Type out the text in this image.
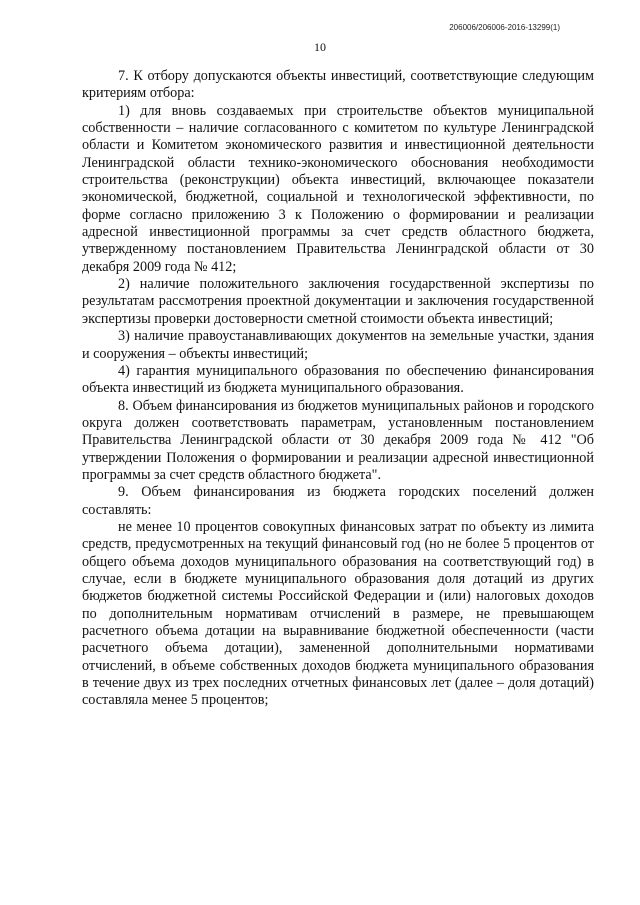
206006/206006-2016-13299(1)
10

7. К отбору допускаются объекты инвестиций, соответствующие следующим критериям отбора:

1) для вновь создаваемых при строительстве объектов муниципальной собственности – наличие согласованного с комитетом по культуре Ленинградской области и Комитетом экономического развития и инвестиционной деятельности Ленинградской области технико-экономического обоснования необходимости строительства (реконструкции) объекта инвестиций, включающее показатели экономической, бюджетной, социальной и технологической эффективности, по форме согласно приложению 3 к Положению о формировании и реализации адресной инвестиционной программы за счет средств областного бюджета, утвержденному постановлением Правительства Ленинградской области от 30 декабря 2009 года № 412;

2) наличие положительного заключения государственной экспертизы по результатам рассмотрения проектной документации и заключения государственной экспертизы проверки достоверности сметной стоимости объекта инвестиций;

3) наличие правоустанавливающих документов на земельные участки, здания и сооружения – объекты инвестиций;

4) гарантия муниципального образования по обеспечению финансирования объекта инвестиций из бюджета муниципального образования.

8. Объем финансирования из бюджетов муниципальных районов и городского округа должен соответствовать параметрам, установленным постановлением Правительства Ленинградской области от 30 декабря 2009 года № 412 "Об утверждении Положения о формировании и реализации адресной инвестиционной программы за счет средств областного бюджета".

9. Объем финансирования из бюджета городских поселений должен составлять:

не менее 10 процентов совокупных финансовых затрат по объекту из лимита средств, предусмотренных на текущий финансовый год (но не более 5 процентов от общего объема доходов муниципального образования на соответствующий год) в случае, если в бюджете муниципального образования доля дотаций из других бюджетов бюджетной системы Российской Федерации и (или) налоговых доходов по дополнительным нормативам отчислений в размере, не превышающем расчетного объема дотации на выравнивание бюджетной обеспеченности (части расчетного объема дотации), замененной дополнительными нормативами отчислений, в объеме собственных доходов бюджета муниципального образования в течение двух из трех последних отчетных финансовых лет (далее – доля дотаций) составляла менее 5 процентов;
